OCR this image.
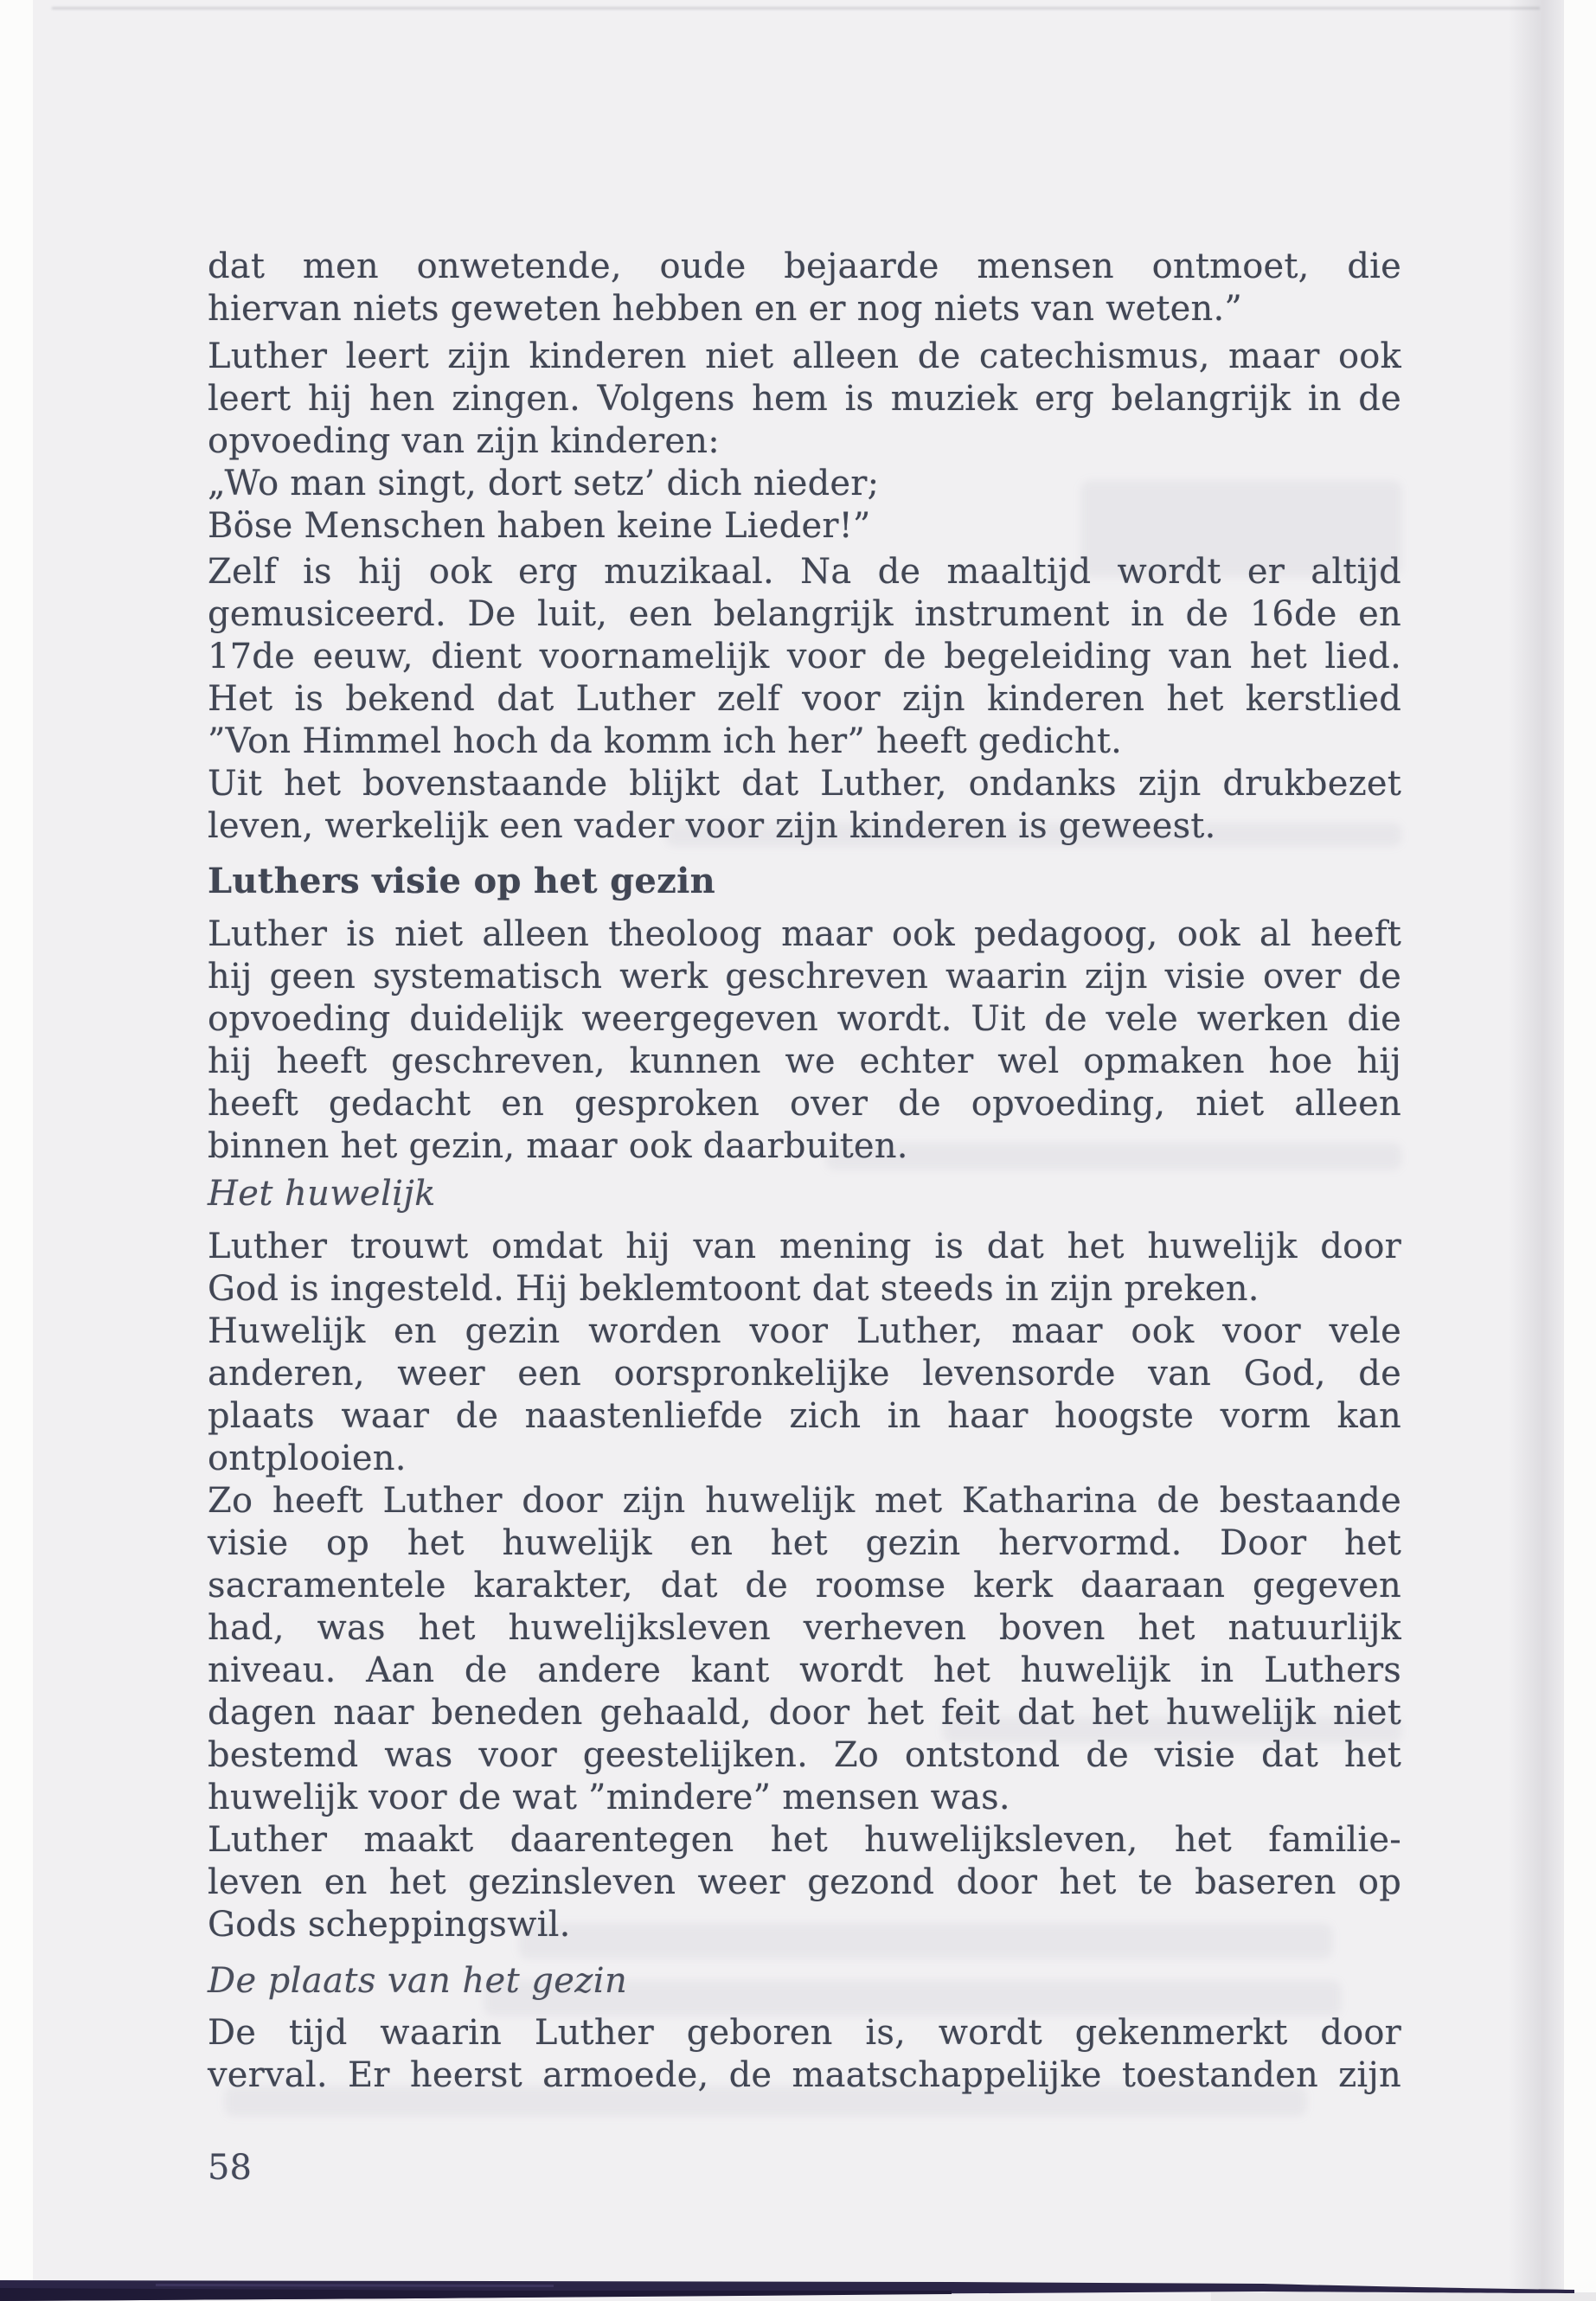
dat men onwetende, oude bejaarde mensen ontmoet, die
hiervan niets geweten hebben en er nog niets van weten.”
Luther leert zijn kinderen niet alleen de catechismus, maar ook
leert hij hen zingen. Volgens hem is muziek erg belangrijk in de
opvoeding van zijn kinderen:
„Wo man singt, dort setz’ dich nieder;
Böse Menschen haben keine Lieder!”
Zelf is hij ook erg muzikaal. Na de maaltijd wordt er altijd
gemusiceerd. De luit, een belangrijk instrument in de 16de en
17de eeuw, dient voornamelijk voor de begeleiding van het lied.
Het is bekend dat Luther zelf voor zijn kinderen het kerstlied
”Von Himmel hoch da komm ich her” heeft gedicht.
Uit het bovenstaande blijkt dat Luther, ondanks zijn drukbezet
leven, werkelijk een vader voor zijn kinderen is geweest.
Luthers visie op het gezin
Luther is niet alleen theoloog maar ook pedagoog, ook al heeft
hij geen systematisch werk geschreven waarin zijn visie over de
opvoeding duidelijk weergegeven wordt. Uit de vele werken die
hij heeft geschreven, kunnen we echter wel opmaken hoe hij
heeft gedacht en gesproken over de opvoeding, niet alleen
binnen het gezin, maar ook daarbuiten.
Het huwelijk
Luther trouwt omdat hij van mening is dat het huwelijk door
God is ingesteld. Hij beklemtoont dat steeds in zijn preken.
Huwelijk en gezin worden voor Luther, maar ook voor vele
anderen, weer een oorspronkelijke levensorde van God, de
plaats waar de naastenliefde zich in haar hoogste vorm kan
ontplooien.
Zo heeft Luther door zijn huwelijk met Katharina de bestaande
visie op het huwelijk en het gezin hervormd. Door het
sacramentele karakter, dat de roomse kerk daaraan gegeven
had, was het huwelijksleven verheven boven het natuurlijk
niveau. Aan de andere kant wordt het huwelijk in Luthers
dagen naar beneden gehaald, door het feit dat het huwelijk niet
bestemd was voor geestelijken. Zo ontstond de visie dat het
huwelijk voor de wat ”mindere” mensen was.
Luther maakt daarentegen het huwelijksleven, het familie-
leven en het gezinsleven weer gezond door het te baseren op
Gods scheppingswil.
De plaats van het gezin
De tijd waarin Luther geboren is, wordt gekenmerkt door
verval. Er heerst armoede, de maatschappelijke toestanden zijn
58
